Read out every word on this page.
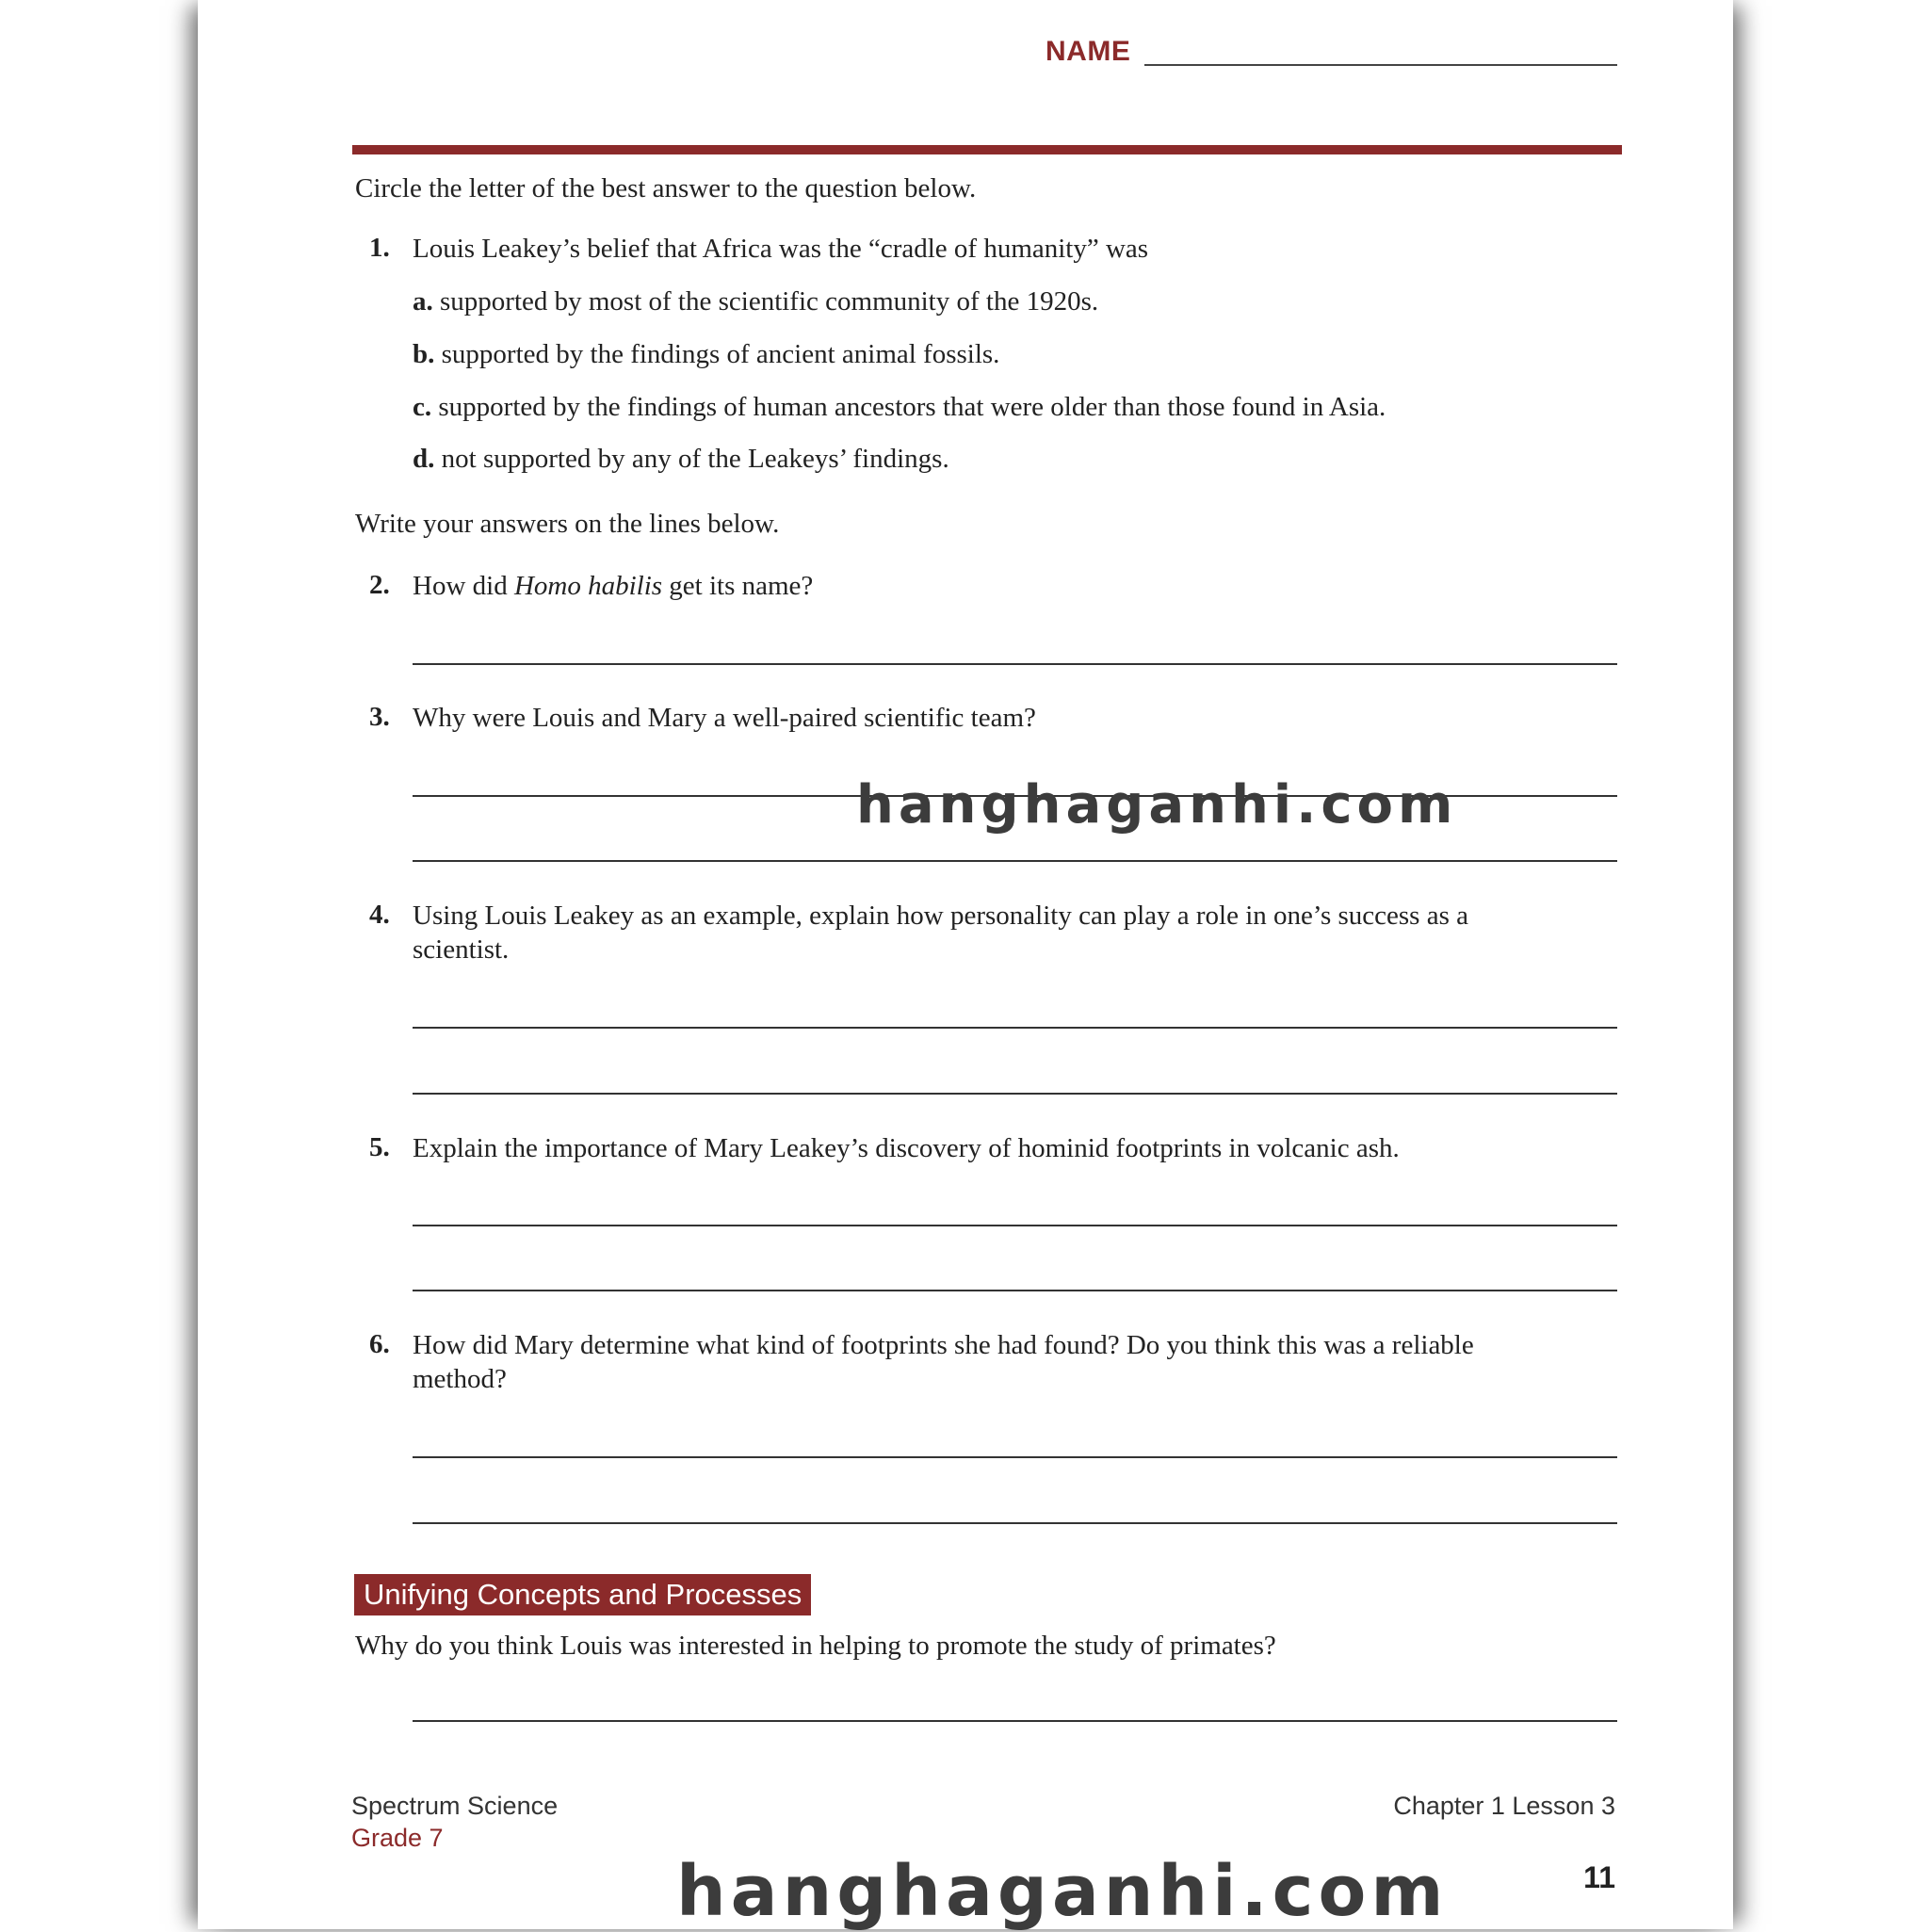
NAME
Circle the letter of the best answer to the question below.
1. Louis Leakey’s belief that Africa was the “cradle of humanity” was
a. supported by most of the scientific community of the 1920s.
b. supported by the findings of ancient animal fossils.
c. supported by the findings of human ancestors that were older than those found in Asia.
d. not supported by any of the Leakeys’ findings.
Write your answers on the lines below.
2. How did Homo habilis get its name?
3. Why were Louis and Mary a well-paired scientific team?
4. Using Louis Leakey as an example, explain how personality can play a role in one’s success as a
scientist.
5. Explain the importance of Mary Leakey’s discovery of hominid footprints in volcanic ash.
6. How did Mary determine what kind of footprints she had found? Do you think this was a reliable
method?
Unifying Concepts and Processes
Why do you think Louis was interested in helping to promote the study of primates?
Spectrum Science
Grade 7
Chapter 1 Lesson 3
11
hanghaganhi.com
hanghaganhi.com
